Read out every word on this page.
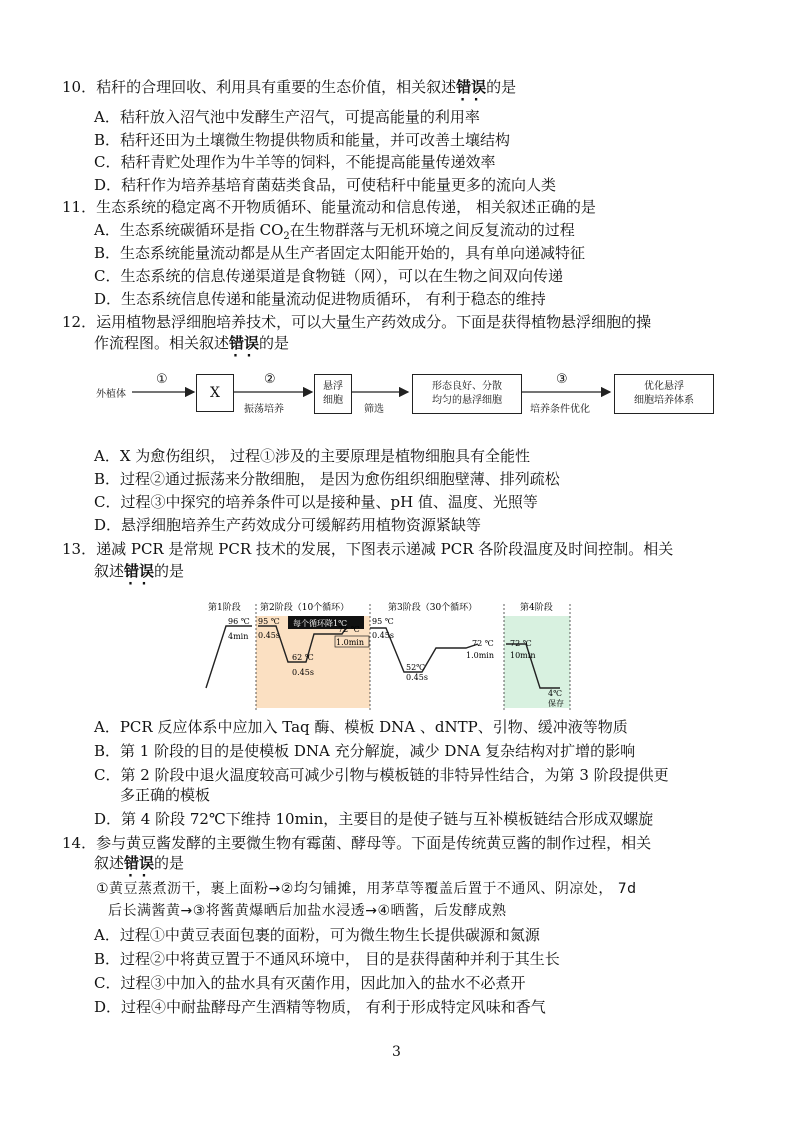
10．秸秆的合理回收、利用具有重要的生态价值，相关叙述错误 · ·的是
A．秸秆放入沼气池中发酵生产沼气，可提高能量的利用率
B．秸秆还田为土壤微生物提供物质和能量，并可改善土壤结构
C．秸秆青贮处理作为牛羊等的饲料，不能提高能量传递效率
D．秸秆作为培养基培育菌菇类食品，可使秸秆中能量更多的流向人类
11．生态系统的稳定离不开物质循环、能量流动和信息传递， 相关叙述正确的是
A．生态系统碳循环是指 $CO_2$在生物群落与无机环境之间反复流动的过程
B．生态系统能量流动都是从生产者固定太阳能开始的，具有单向递减特征
C．生态系统的信息传递渠道是食物链（网），可以在生物之间双向传递
D．生态系统信息传递和能量流动促进物质循环， 有利于稳态的维持
12．运用植物悬浮细胞培养技术，可以大量生产药效成分。下面是获得植物悬浮细胞的操
作流程图。相关叙述错误 · ·的是
外植体
①
X
②
振荡培养
悬浮
细胞
筛选
形态良好、分散
均匀的悬浮细胞
③
培养条件优化
优化悬浮
细胞培养体系
A．X 为愈伤组织， 过程①涉及的主要原理是植物细胞具有全能性
B．过程②通过振荡来分散细胞， 是因为愈伤组织细胞壁薄、排列疏松
C．过程③中探究的培养条件可以是接种量、pH 值、温度、光照等
D．悬浮细胞培养生产药效成分可缓解药用植物资源紧缺等
13．递减 PCR 是常规 PCR 技术的发展，下图表示递减 PCR 各阶段温度及时间控制。相关
叙述错误 · ·的是
第1阶段 第2阶段（10个循环）	第3阶段（30个循环）	第4阶段
96 ℃
4min
95 ℃
0.45s
每个循环降1℃
72 ℃
1.0min
62 ℃
0.45s
95 ℃
0.45s
52℃
0.45s
72 ℃
1.0min
72 ℃
10min
4℃
保存
A．PCR 反应体系中应加入 Taq 酶、模板 DNA 、dNTP、引物、缓冲液等物质
B．第 1 阶段的目的是使模板 DNA 充分解旋，减少 DNA 复杂结构对扩增的影响
C．第 2 阶段中退火温度较高可减少引物与模板链的非特异性结合，为第 3 阶段提供更
多正确的模板
D．第 4 阶段 72℃下维持 10min，主要目的是使子链与互补模板链结合形成双螺旋
14．参与黄豆酱发酵的主要微生物有霉菌、酵母等。下面是传统黄豆酱的制作过程，相关
叙述错误 · ·的是
①黄豆蒸煮沥干，裹上面粉→②均匀铺摊，用茅草等覆盖后置于不通风、阴凉处， 7d
后长满酱黄→③将酱黄爆晒后加盐水浸透→④晒酱，后发酵成熟
A．过程①中黄豆表面包裹的面粉，可为微生物生长提供碳源和氮源
B．过程②中将黄豆置于不通风环境中， 目的是获得菌种并利于其生长
C．过程③中加入的盐水具有灭菌作用，因此加入的盐水不必煮开
D．过程④中耐盐酵母产生酒精等物质， 有利于形成特定风味和香气
3
